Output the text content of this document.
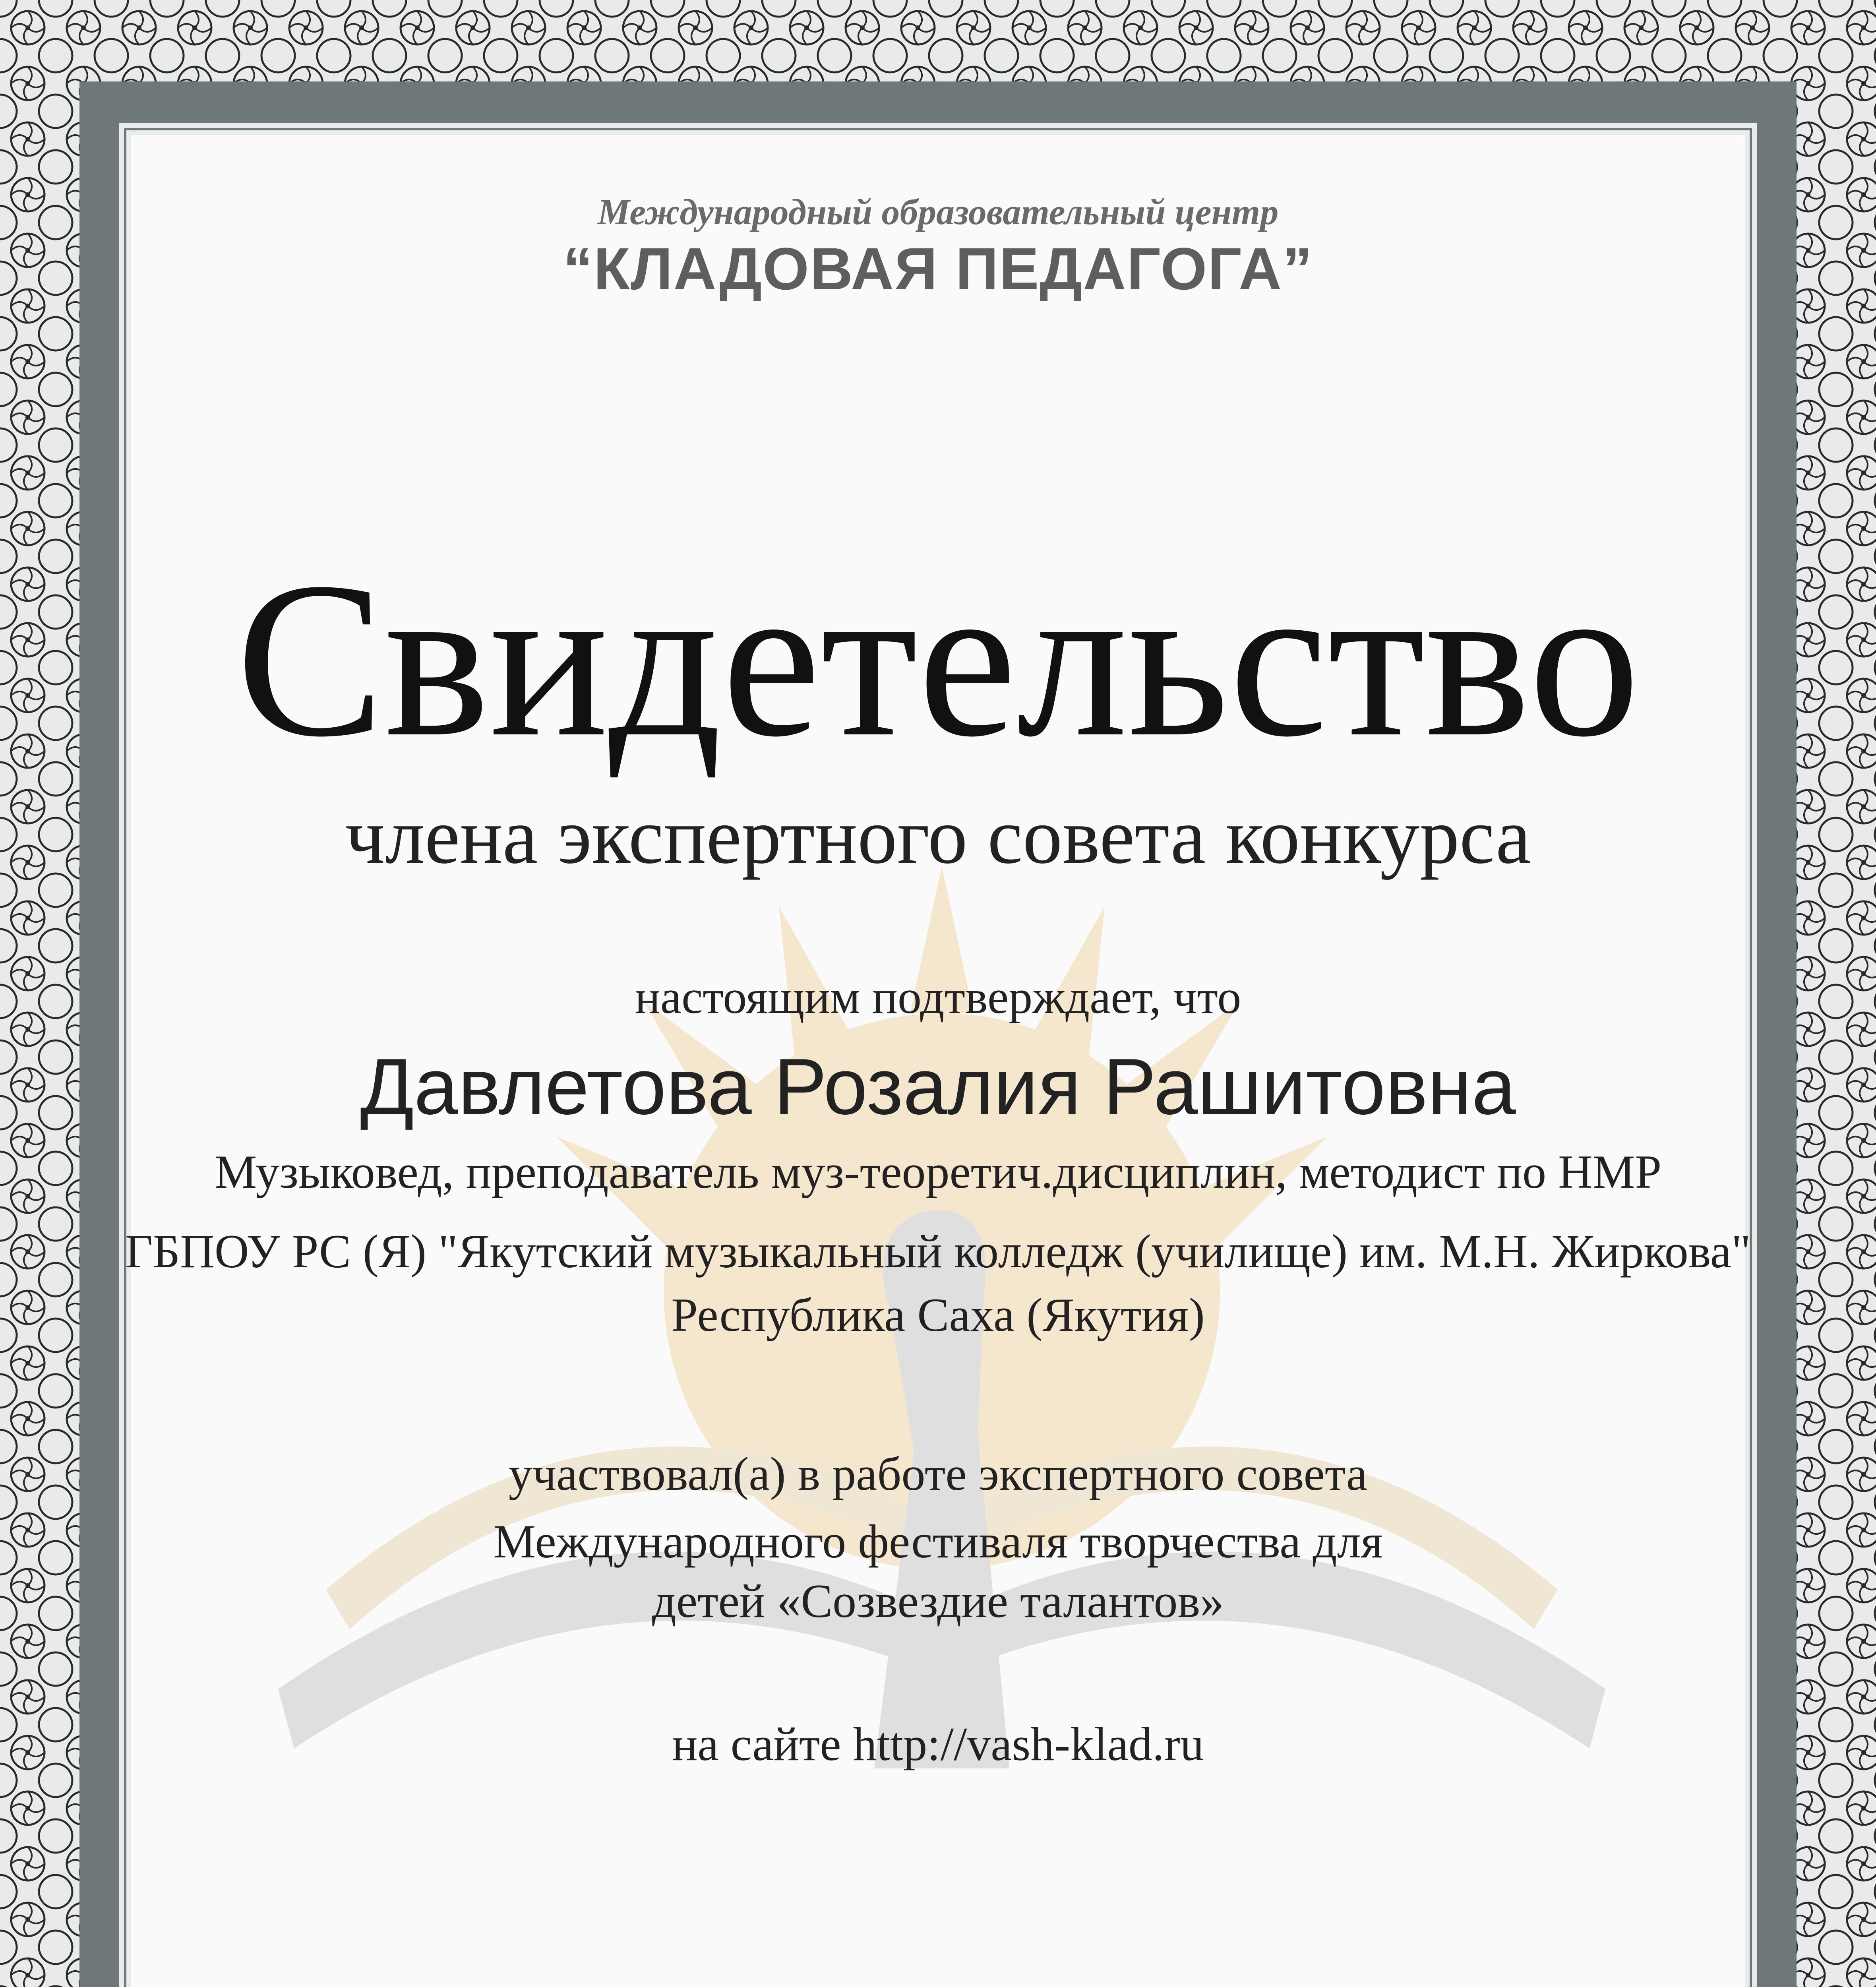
Международный образовательный центр
“КЛАДОВАЯ ПЕДАГОГА”
Свидетельство
члена экспертного совета конкурса
настоящим подтверждает, что
Давлетова Розалия Рашитовна
Музыковед, преподаватель муз-теоретич.дисциплин, методист по НМР
ГБПОУ РС (Я) "Якутский музыкальный колледж (училище) им. М.Н. Жиркова"
Республика Саха (Якутия)
участвовал(а) в работе экспертного совета
Международного фестиваля творчества для
детей «Созвездие талантов»
на сайте http://vash-klad.ru
